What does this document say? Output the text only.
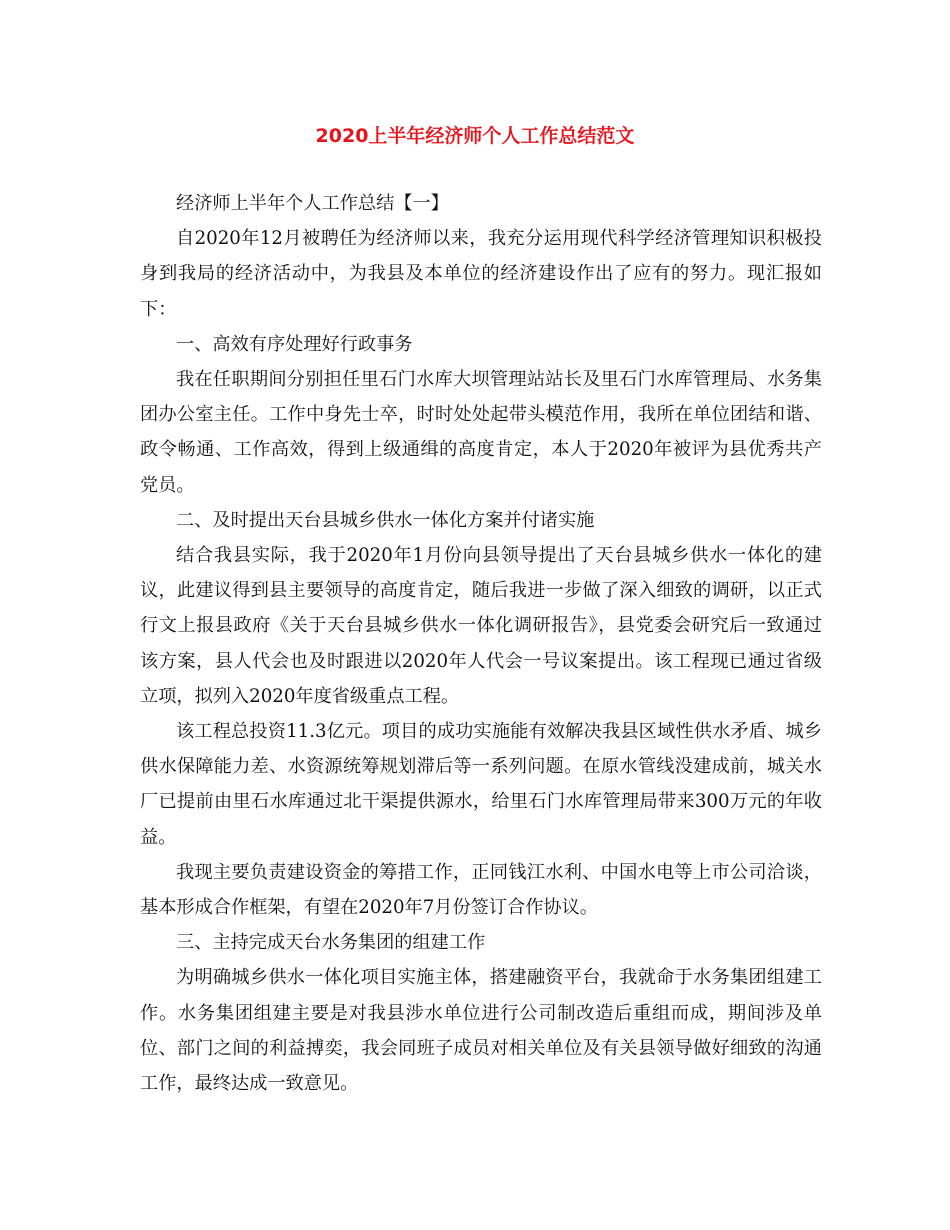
2020上半年经济师个人工作总结范文

经济师上半年个人工作总结【一】

自2020年12月被聘任为经济师以来，我充分运用现代科学经济管理知识积极投身到我局的经济活动中，为我县及本单位的经济建设作出了应有的努力。现汇报如下：

一、高效有序处理好行政事务

我在任职期间分别担任里石门水库大坝管理站站长及里石门水库管理局、水务集团办公室主任。工作中身先士卒，时时处处起带头模范作用，我所在单位团结和谐、政令畅通、工作高效，得到上级通缉的高度肯定，本人于2020年被评为县优秀共产党员。

二、及时提出天台县城乡供水一体化方案并付诸实施

结合我县实际，我于2020年1月份向县领导提出了天台县城乡供水一体化的建议，此建议得到县主要领导的高度肯定，随后我进一步做了深入细致的调研，以正式行文上报县政府《关于天台县城乡供水一体化调研报告》，县党委会研究后一致通过该方案，县人代会也及时跟进以2020年人代会一号议案提出。该工程现已通过省级立项，拟列入2020年度省级重点工程。

该工程总投资11.3亿元。项目的成功实施能有效解决我县区域性供水矛盾、城乡供水保障能力差、水资源统筹规划滞后等一系列问题。在原水管线没建成前，城关水厂已提前由里石水库通过北干渠提供源水，给里石门水库管理局带来300万元的年收益。

我现主要负责建设资金的筹措工作，正同钱江水利、中国水电等上市公司洽谈，基本形成合作框架，有望在2020年7月份签订合作协议。

三、主持完成天台水务集团的组建工作

为明确城乡供水一体化项目实施主体，搭建融资平台，我就命于水务集团组建工作。水务集团组建主要是对我县涉水单位进行公司制改造后重组而成，期间涉及单位、部门之间的利益搏奕，我会同班子成员对相关单位及有关县领导做好细致的沟通工作，最终达成一致意见。
